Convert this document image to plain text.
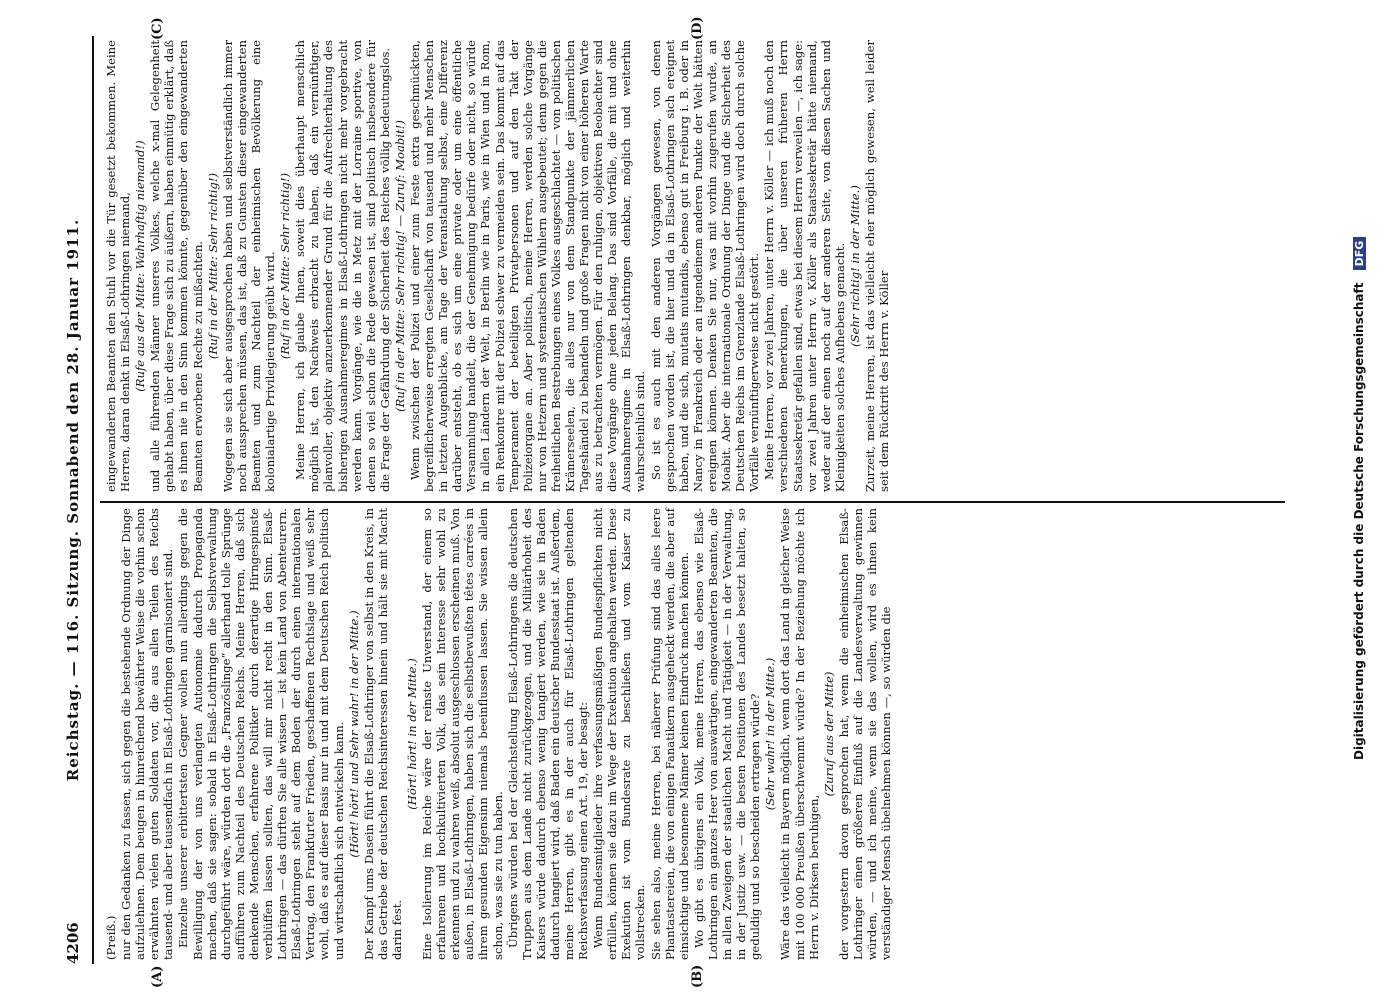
4206
Reichstag. — 116. Sitzung. Sonnabend den 28. Januar 1911.
(A)	(B)
(C)	(D)

(Preiß.) nur den Gedanken zu fassen, sich gegen die bestehende Ordnung der Dinge aufzulehnen. Dem beugen in hinreichend bewährter Weise die vorhin schon erwähnten vielen guten Soldaten vor, die aus allen Teilen des Reichs tausend- und aber tausendfach in Elsaß-Lothringen garnisoniert sind. Einzelne unserer erbittertsten Gegner wollen nun allerdings gegen die Bewilligung der von uns verlangten Autonomie dadurch Propaganda machen, daß sie sagen: sobald in Elsaß-Lothringen die Selbstverwaltung durchgeführt wäre, würden dort die „Französlinge“ allerhand tolle Sprünge aufführen zum Nachteil des Deutschen Reichs. Meine Herren, daß sich denkende Menschen, erfahrene Politiker durch derartige Hirngespinste verblüffen lassen sollten, das will mir nicht recht in den Sinn. Elsaß-Lothringen — das dürften Sie alle wissen — ist kein Land von Abenteurern. Elsaß-Lothringen steht auf dem Boden der durch einen internationalen Vertrag, den Frankfurter Frieden, geschaffenen Rechtslage und weiß sehr wohl, daß es auf dieser Basis nur in und mit dem Deutschen Reich politisch und wirtschaftlich sich entwickeln kann. (Hört! hört! und Sehr wahr! in der Mitte.) Der Kampf ums Dasein führt die Elsaß-Lothringer von selbst in den Kreis, in das Getriebe der deutschen Reichsinteressen hinein und hält sie mit Macht darin fest.

(Hört! hört! in der Mitte.) Eine Isolierung im Reiche wäre der reinste Unverstand, der einem so erfahrenen und hochkultivierten Volk, das sein Interesse sehr wohl zu erkennen und zu wahren weiß, absolut ausgeschlossen erscheinen muß. Von außen, in Elsaß-Lothringen, haben sich die selbstbewußten têtes carrées in ihrem gesunden Eigensinn niemals beeinflussen lassen. Sie wissen allein schon, was sie zu tun haben. Übrigens würden bei der Gleichstellung Elsaß-Lothringens die deutschen Truppen aus dem Lande nicht zurückgezogen, und die Militärhoheit des Kaisers würde dadurch ebenso wenig tangiert werden, wie sie in Baden dadurch tangiert wird, daß Baden ein deutscher Bundesstaat ist. Außerdem, meine Herren, gibt es in der auch für Elsaß-Lothringen geltenden Reichsverfassung einen Art. 19, der besagt: Wenn Bundesmitglieder ihre verfassungsmäßigen Bundespflichten nicht erfüllen, können sie dazu im Wege der Exekution angehalten werden. Diese Exekution ist vom Bundesrate zu beschließen und vom Kaiser zu vollstrecken. Sie sehen also, meine Herren, bei näherer Prüfung sind das alles leere Phantastereien, die von einigen Fanatikern ausgeheckt werden, die aber auf einsichtige und besonnene Männer keinen Eindruck machen können. Wo gibt es übrigens ein Volk, meine Herren, das ebenso wie Elsaß-Lothringen ein ganzes Heer von auswärtigen, eingewanderten Beamten, die in allen Zweigen der staatlichen Macht und Tätigkeit — in der Verwaltung, in der Justiz usw. — die besten Positionen des Landes besetzt halten, so geduldig und so bescheiden ertragen würde? (Sehr wahr! in der Mitte.) Wäre das vielleicht in Bayern möglich, wenn dort das Land in gleicher Weise mit 100 000 Preußen überschwemmt würde? In der Beziehung möchte ich Herrn v. Dirksen beruhigen,

(Zuruf aus der Mitte) der vorgestern davon gesprochen hat, wenn die einheimischen Elsaß-Lothringer einen größeren Einfluß auf die Landesverwaltung gewinnen würden, — und ich meine, wenn sie das wollen, wird es ihnen kein verständiger Mensch übelnehmen können —, so würden die

eingewanderten Beamten den Stuhl vor die Tür gesetzt bekommen. Meine Herren, daran denkt in Elsaß-Lothringen niemand, (Rufe aus der Mitte: Wahrhaftig niemand!) und alle führenden Männer unseres Volkes, welche x-mal Gelegenheit gehabt haben, über diese Frage sich zu äußern, haben einmütig erklärt, daß es ihnen nie in den Sinn kommen könnte, gegenüber den eingewanderten Beamten erworbene Rechte zu mißachten. (Ruf in der Mitte: Sehr richtig!) Wogegen sie sich aber ausgesprochen haben und selbstverständlich immer noch aussprechen müssen, das ist, daß zu Gunsten dieser eingewanderten Beamten und zum Nachteil der einheimischen Bevölkerung eine kolonialartige Privilegierung geübt wird. (Ruf in der Mitte: Sehr richtig!) Meine Herren, ich glaube Ihnen, soweit dies überhaupt menschlich möglich ist, den Nachweis erbracht zu haben, daß ein vernünftiger, planvoller, objektiv anzuerkennender Grund für die Aufrechterhaltung des bisherigen Ausnahmeregimes in Elsaß-Lothringen nicht mehr vorgebracht werden kann. Vorgänge, wie die in Metz mit der Lorraine sportive, von denen so viel schon die Rede gewesen ist, sind politisch insbesondere für die Frage der Gefährdung der Sicherheit des Reiches völlig bedeutungslos. (Ruf in der Mitte: Sehr richtig! — Zuruf: Moabit!) Wenn zwischen der Polizei und einer zum Feste extra geschmückten, begreiflicherweise erregten Gesellschaft von tausend und mehr Menschen in letzten Augenblicke, am Tage der Veranstaltung selbst, eine Differenz darüber entsteht, ob es sich um eine private oder um eine öffentliche Versammlung handelt, die der Genehmigung bedürfe oder nicht, so würde in allen Ländern der Welt, in Berlin wie in Paris, wie in Wien und in Rom, ein Renkontre mit der Polizei schwer zu vermeiden sein. Das kommt auf das Temperament der beteiligten Privatpersonen und auf den Takt der Polizeiorgane an. Aber politisch, meine Herren, werden solche Vorgänge nur von Hetzern und systematischen Wühlern ausgebeutet; denn gegen die freiheitlichen Bestrebungen eines Volkes ausgeschlachtet — von politischen Krämerseelen, die alles nur von dem Standpunkte der jämmerlichen Tageshändel zu behandeln und große Fragen nicht von einer höheren Warte aus zu betrachten vermögen. Für den ruhigen, objektiven Beobachter sind diese Vorgänge ohne jeden Belang. Das sind Vorfälle, die mit und ohne Ausnahmeregime in Elsaß-Lothringen denkbar, möglich und weiterhin wahrscheinlich sind. So ist es auch mit den anderen Vorgängen gewesen, von denen gesprochen worden ist, die hier und da in Elsaß-Lothringen sich ereignet haben, und die sich, mutatis mutandis, ebenso gut in Freiburg i. B. oder in Nancy in Frankreich oder an irgendeinem anderen Punkte der Welt hätten ereignen können. Denken Sie nur, was mit vorhin zugerufen wurde, an Moabit. Aber die internationale Ordnung der Dinge und die Sicherheit des Deutschen Reichs im Grenzlande Elsaß-Lothringen wird doch durch solche Vorfälle vernünftigerweise nicht gestört. Meine Herren, vor zwei Jahren, unter Herrn v. Köller — ich muß noch den verschiedenen Bemerkungen, die über unseren früheren Herrn Staatssekretär gefallen sind, etwas bei diesem Herrn verweilen —, ich sage: vor zwei Jahren unter Herrn v. Köller als Staatssekretär hätte niemand, weder auf der einen noch auf der anderen Seite, von diesen Sachen und Kleinigkeiten solches Aufhebens gemacht. (Sehr richtig! in der Mitte.) Zurzeit, meine Herren, ist das vielleicht eher möglich gewesen, weil leider seit dem Rücktritt des Herrn v. Köller	Digitalisierung gefördert durch die Deutsche Forschungsgemeinschaft DFG
